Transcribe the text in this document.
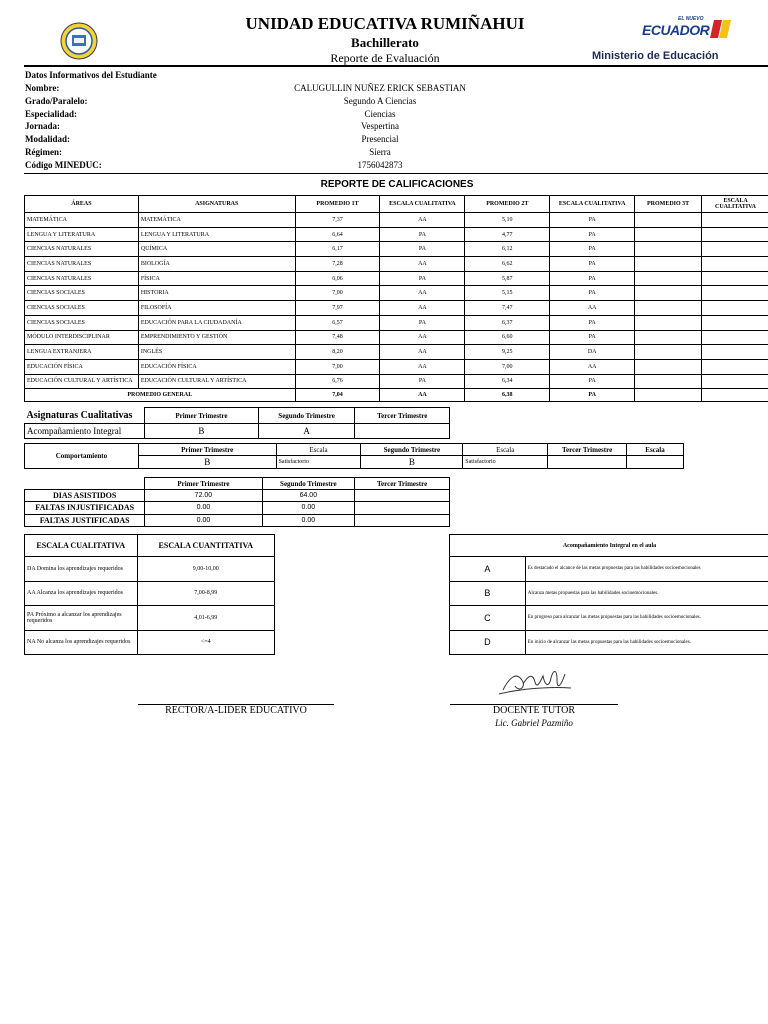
UNIDAD EDUCATIVA RUMIÑAHUI
Bachillerato
Reporte de Evaluación
EL NUEVO
ECUADOR
Ministerio de Educación
Datos Informativos del Estudiante
Nombre:	CALUGULLIN NUÑEZ ERICK SEBASTIAN
Grado/Paralelo:	Segundo A Ciencias
Especialidad:	Ciencias
Jornada:	Vespertina
Modalidad:	Presencial
Régimen:	Sierra
Código MINEDUC:	1756042873
REPORTE DE CALIFICACIONES
ÁREAS	ASIGNATURAS	PROMEDIO 1T	ESCALA CUALITATIVA	PROMEDIO 2T	ESCALA CUALITATIVA	PROMEDIO 3T	ESCALA CUALITATIVA
MATEMÁTICA	MATEMÁTICA	7,37	AA	5,10	PA		
LENGUA Y LITERATURA	LENGUA Y LITERATURA	6,64	PA	4,77	PA		
CIENCIAS NATURALES	QUÍMICA	6,17	PA	6,12	PA		
CIENCIAS NATURALES	BIOLOGÍA	7,28	AA	6,62	PA		
CIENCIAS NATURALES	FÍSICA	6,06	PA	5,87	PA		
CIENCIAS SOCIALES	HISTORIA	7,00	AA	5,15	PA		
CIENCIAS SOCIALES	FILOSOFÍA	7,97	AA	7,47	AA		
CIENCIAS SOCIALES	EDUCACIÓN PARA LA CIUDADANÍA	6,57	PA	6,37	PA		
MÓDULO INTERDISCIPLINAR	EMPRENDIMIENTO Y GESTIÓN	7,48	AA	6,60	PA		
LENGUA EXTRANJERA	INGLÉS	8,20	AA	9,25	DA		
EDUCACIÓN FÍSICA	EDUCACIÓN FÍSICA	7,00	AA	7,00	AA		
EDUCACIÓN CULTURAL Y ARTÍSTICA	EDUCACIÓN CULTURAL Y ARTÍSTICA	6,76	PA	6,34	PA		
PROMEDIO GENERAL		7,04	AA	6,38	PA		
Asignaturas Cualitativas	Primer Trimestre	Segundo Trimestre	Tercer Trimestre
Acompañamiento Integral	B	A	
Comportamiento	Primer Trimestre	Escala	Segundo Trimestre	Escala	Tercer Trimestre	Escala
	B	Satisfactorio	B	Satisfactorio		
	Primer Trimestre	Segundo Trimestre	Tercer Trimestre
DIAS ASISTIDOS	72.00	64.00	
FALTAS INJUSTIFICADAS	0.00	0.00	
FALTAS JUSTIFICADAS	0.00	0.00	
ESCALA CUALITATIVA	ESCALA CUANTITATIVA
DA Domina los aprendizajes requeridos	9,00-10,00
AA Alcanza los aprendizajes requeridos	7,00-8,99
PA Próximo a alcanzar los aprendizajes requeridos	4,01-6,99
NA No alcanza los aprendizajes requeridos	<=4
Acompañamiento Integral en el aula	
A	Es destacado el alcance de las metas propuestas para las habilidades socioemocionales
B	Alcanza metas propuestas para las habilidades socioemocionales.
C	En progreso para alcanzar las metas propuestas para las habilidades socioemocionales.
D	En inicio de alcanzar las metas propuestas para las habilidades socioemocionales.
RECTOR/A-LIDER EDUCATIVO	DOCENTE TUTOR
Lic. Gabriel Pazmiño
